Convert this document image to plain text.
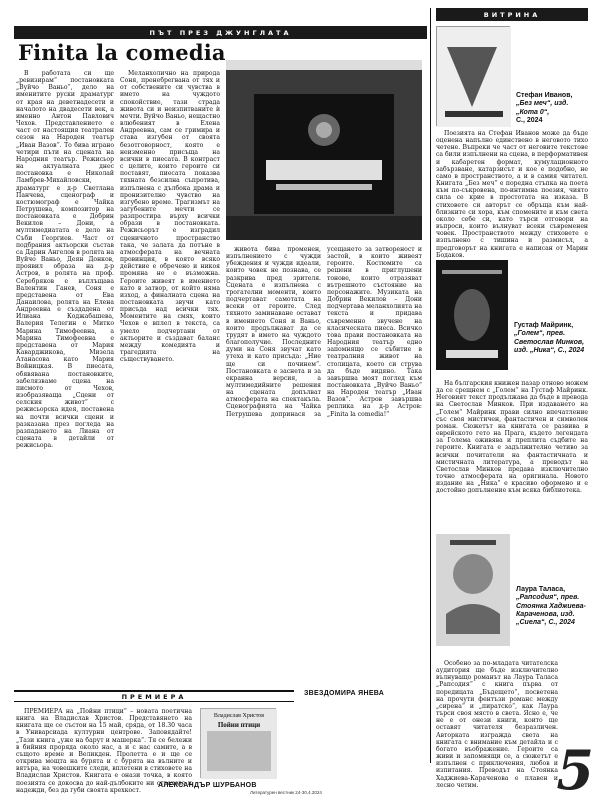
ПЪТ ПРЕЗ ДЖУНГЛАТА
ВИТРИНА
Finita la comedia

В работата си ще „ревизирам“ постановката „Вуйчо Ваньо“, дело на именитите руски драматург от края на деветнадесети и началото на двадесети век, а именно Антон Павлович Чехов. Представлението е част от настоящия театрален сезон на Народен театър „Иван Вазов“. То бива играно четири пъти на сцената на Народния театър. Режисьор на актуалната днес постановка е Николай Ламбрев-Михайловски, драматург е д-р Светлана Панчева, сценограф и костюмограф е Чайка Петрушева, композитор на постановката е Добрин Векилов – Дони, а мултимедиатата е дело на Съби Георгиев. Част от подбрания актьорски състав са Дарин Ангелов в ролята на Вуйчо Ваньо, Деян Донков, проявил образа на д-р Астров, в ролята на проф. Серебряков е въплъщава Валентин Ганев, Соня е представена от Ева Данаилова, ролята на Елена Андреевна е създадена от Илиана Коджабашева, Валерия Телегин е Митко Марина Тимофеевна, а Марина Тимофеевна е представена от Мария Каварджикова, Мизела Атанасова като Мария Войницкая. В пиесата, обявявана постановките, забелязваме сцена на писмото от Чехов, изобразяваща „Сцени от селския живот“ с режисьорска идея, поставена на почти всички сцени и разказана през погледа на разпадането на Лиана от сцената в детайли от режисьора.

Меланхолично на природа Соня, пренебрегвана от тях и от собствените си чувства в името на чуждото спокойствие, тази страда живота си и неизпитваните ѝ мечти. Вуйчо Ваньо, нещастно влюбеният в Елена Андреевна, сам се гримира и става изгубен от своята безотговорност, която е неизменно присъща на всички в пиесата. В контраст с целите, които героите си поставят, пиесата показва тяхната безсилна съпротива, изпълнена с дълбока драма и пронизително чувство на изгубено време. Трагизмът на загубените мечти се разпростира върху всички образи в постановката. Режисьорът е изградил сценичното пространство така, че залата да потъне в атмосферата на вечната провинция, в която всяко действие е обречено и никоя промяна не е възможна. Героите живеят в имението като в затвор, от който няма изход, а финалната сцена на постановката звучи като присъда над всички тях. Моментите на смях, които Чехов е вплел в текста, са умело подчертани от актьорите и създават баланс между комедията и трагедията на съществуването.

живота бива променен, изпълнението с чужди убеждения и чужди идеали, които човек не познава, се разкрива пред зрителя. Сцената е изпълнена с трогателни моменти, които подчертават самотата на всеки от героите. След тяхното заминаване остават в имението Соня и Ваньо, които продължават да се трудят в името на чуждото благополучие. Последните думи на Соня звучат като утеха и като присъда: „Ние ще си починем“. Постановката е заснета и за екранна версия, а мултимедийните решения на сцената допълват атмосферата на спектакъла. Сценографията на Чайка Петрушева допринася за усещането за затвореност и застой, в които живеят героите. Костюмите са решени в приглушени тонове, които отразяват вътрешното състояние на персонажите. Музиката на Добрин Векилов – Дони подчертава меланхолията на текста и придава съвременно звучене на класическата пиеса. Всичко това прави постановката на Народния театър едно запомнящо се събитие в театралния живот на столицата, което си струва да бъде видяно. Така завършва моят поглед към постановката „Вуйчо Ваньо“ на Народен театър „Иван Вазов“. Астров завършва реплика на д-р Астров: „Finita la comedia!“

ЗВЕЗДОМИРА ЯНЕВА
Стефан Иванов,
„Без меч“, изд. „Кота 0“,
С., 2024

Поезията на Стефан Иванов може да бъде оценена напълно единствено в неговото тихо четене. Въпреки че част от неговите текстове са били изпълнени на сцена, в перформативен и кабаретен формат, кумулационното забързване, катарзисът и кое е подобно, не само в пространството, а и в самия читател. Книгата „Без меч“ е поредна стъпка на поета към по-съкровена, по-интимна поезия, чиято сила се крие в простотата на изказа. В стиховете си авторът се обръща към най-близките си хора, към спомените и към света около себе си, като търси отговори на въпроси, които вълнуват всеки съвременен човек. Пространството между стиховете е изпълнено с тишина и размисъл, а предговорът на книгата е написан от Марин Бодаков.

Густаф Майринк,
„Голем“, прев. Светослав Минков, изд. „Ника“, С., 2024

На българския книжен пазар отново можем да се срещнем с „Голем“ на Густаф Майринк. Неговият текст продължава да бъде в превода на Светослав Минков. При издаването на „Голем“ Майринк прави силно впечатление със своя мистичен, фантастичен и символен роман. Сюжетът на книгата се развива в еврейското гето на Прага, където легендата за Голема оживява и преплита съдбите на героите. Книгата е задължително четиво за всички почитатели на фантастичната и мистичната литература, а преводът на Светослав Минков предава изключително точно атмосферата на оригинала. Новото издание на „Ника“ е красиво оформено и е достойно допълнение към всяка библиотека.

Лаура Таласа,
„Рапсодия“, прев. Стоянка Хаджиева-Караченова, изд. „Сиела“, С., 2024

Особено за по-младата читателска аудитория ще бъде изключително вълнуващо романът на Лаура Таласа „Рапсодия“ с книга първа от поредицата „Бъдещето“, посветена на прочути фентъзи романс между „сирена“ и „пиратско“, как Лаура търси своя място в света. Ясно е, че не е от онези книги, които ще оставят читателя безразличен. Авторката изгражда света на книгата с внимание към детайла и с богато въображение. Героите са живи и запомнящи се, а сюжетът е изпълнен с приключения, любов и изпитания. Преводът на Стоянка Хаджиева-Караченова е плавен и лесно четим.

ПРЕМИЕРА

ПРЕМИЕРА на „Пойни птици“ – новата поетична книга на Владислав Христов. Представянето на книгата ще се състои на 15 май, сряда, от 18.30 часа в Униварсиада културни центрове. Заповядайте! „Тази книга „уже на барут и машерка“. Тя се бележи в бийния проряда около нас, а и с нас самите, а в същото време и Великден. Пролетта е и ще се открива мощта на бурята и с бурята на вълните и вятъра, на човешките следи, вплетени в стиховете на Владислав Христов. Книгата е онази точка, в която поезията се докосва до най-дълбоките ни страхове и надежди, без да губи своята крехкост.

Владислав Христов
Пойни птици
АЛЕКСАНДЪР ШУРБАНОВ	5
Литературен вестник 24-30.4.2024
